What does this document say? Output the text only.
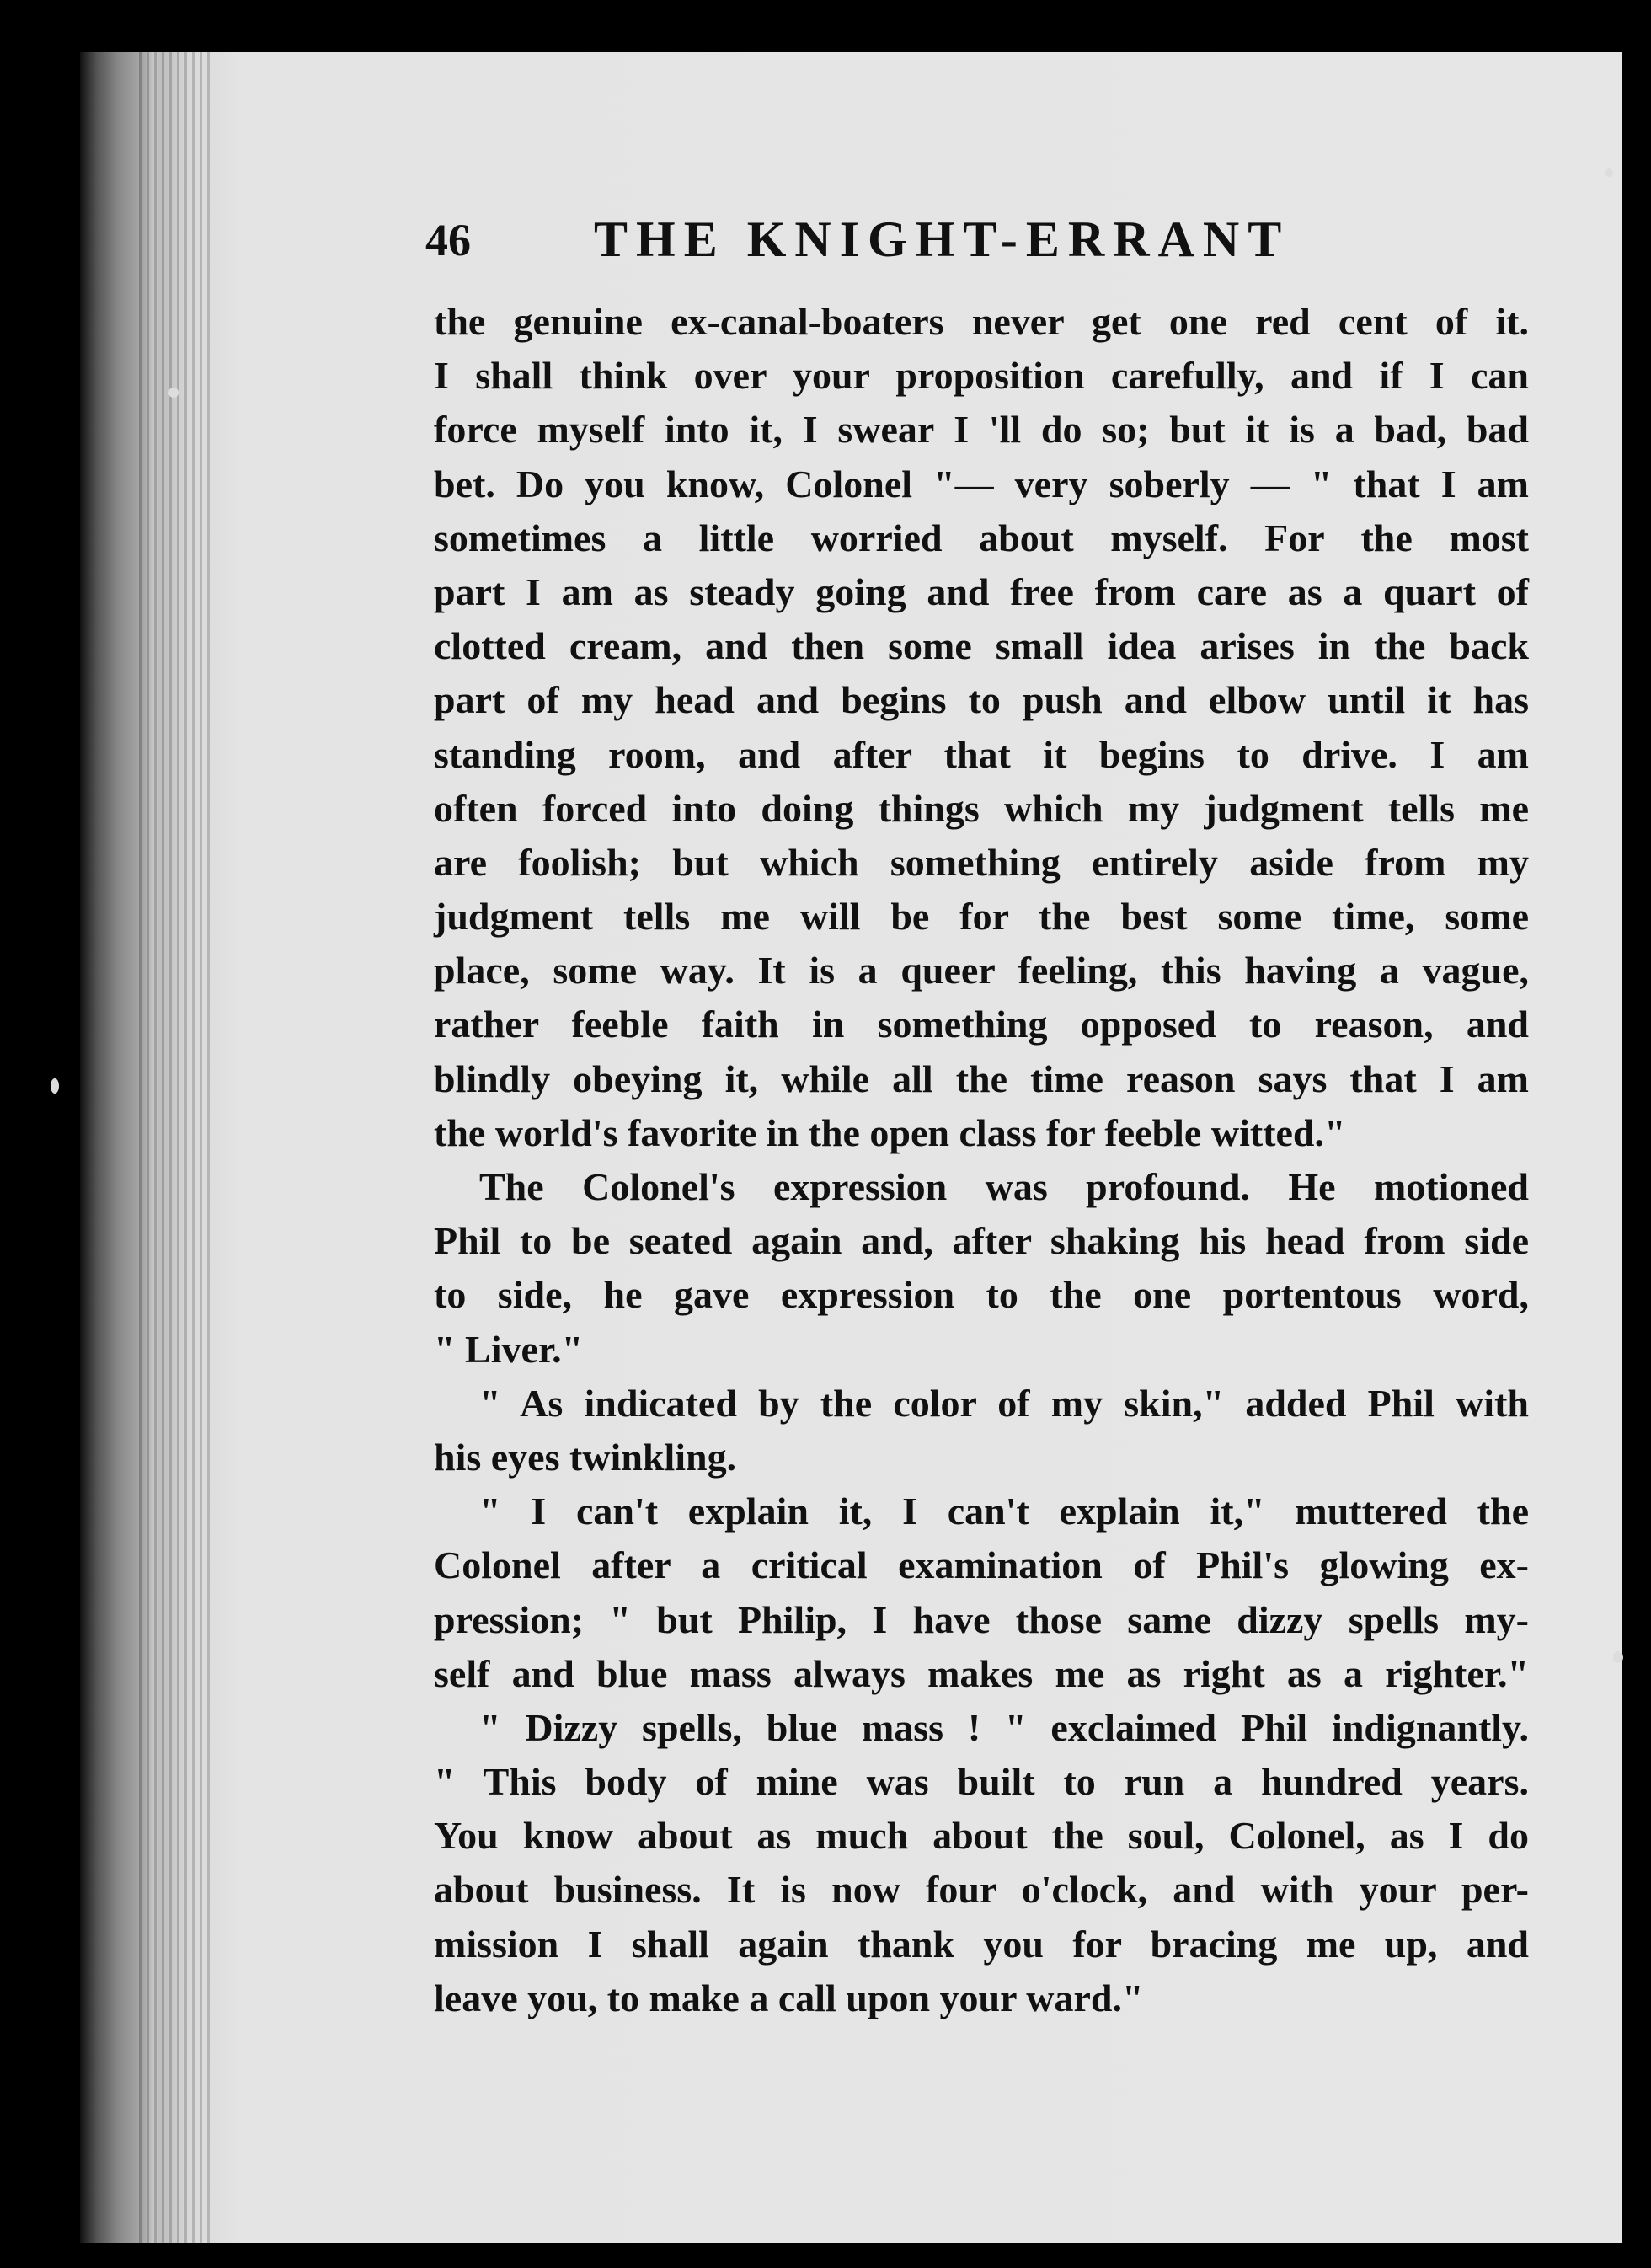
46 THE KNIGHT-ERRANT
the genuine ex-canal-boaters never get one red cent of it.
I shall think over your proposition carefully, and if I can
force myself into it, I swear I 'll do so; but it is a bad, bad
bet. Do you know, Colonel "— very soberly — " that I am
sometimes a little worried about myself. For the most
part I am as steady going and free from care as a quart of
clotted cream, and then some small idea arises in the back
part of my head and begins to push and elbow until it has
standing room, and after that it begins to drive. I am
often forced into doing things which my judgment tells me
are foolish; but which something entirely aside from my
judgment tells me will be for the best some time, some
place, some way. It is a queer feeling, this having a vague,
rather feeble faith in something opposed to reason, and
blindly obeying it, while all the time reason says that I am
the world's favorite in the open class for feeble witted."
The Colonel's expression was profound. He motioned
Phil to be seated again and, after shaking his head from side
to side, he gave expression to the one portentous word,
" Liver."
" As indicated by the color of my skin," added Phil with
his eyes twinkling.
" I can't explain it, I can't explain it," muttered the
Colonel after a critical examination of Phil's glowing ex-
pression; " but Philip, I have those same dizzy spells my-
self and blue mass always makes me as right as a righter."
" Dizzy spells, blue mass ! " exclaimed Phil indignantly.
" This body of mine was built to run a hundred years.
You know about as much about the soul, Colonel, as I do
about business. It is now four o'clock, and with your per-
mission I shall again thank you for bracing me up, and
leave you, to make a call upon your ward."
